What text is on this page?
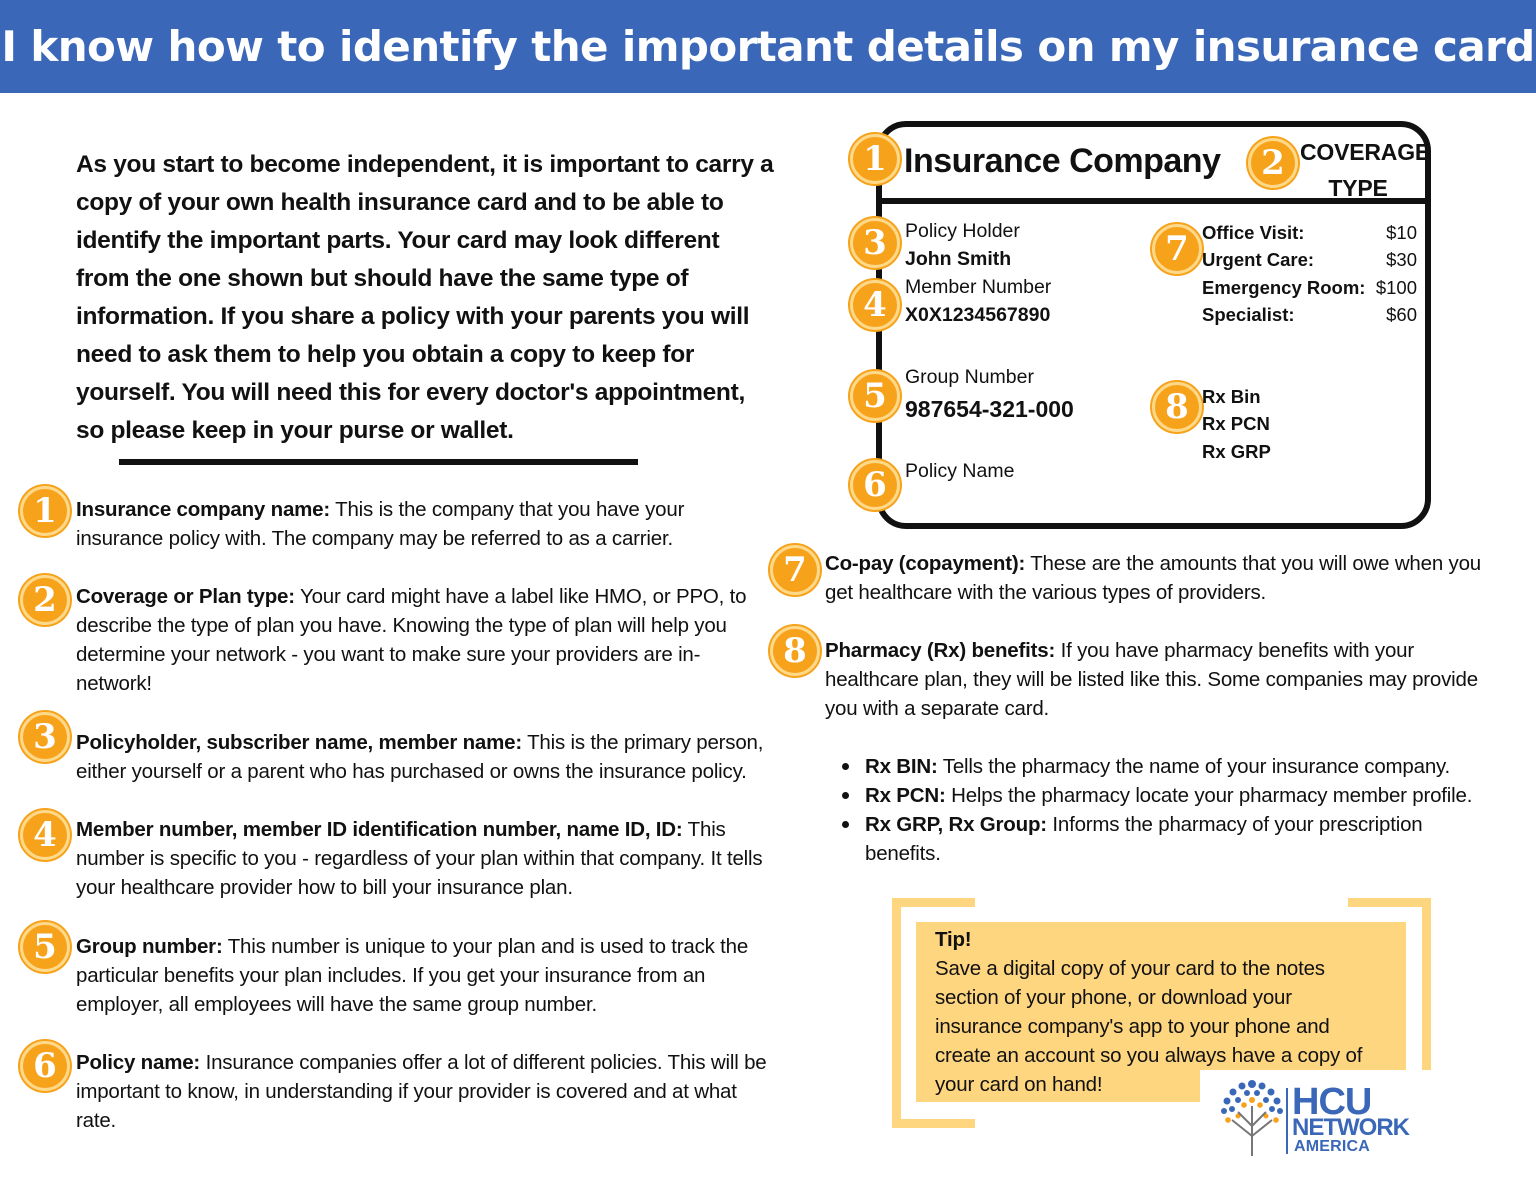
I know how to identify the important details on my insurance card

As you start to become independent, it is important to carry a copy of your own health insurance card and to be able to identify the important parts. Your card may look different from the one shown but should have the same type of information. If you share a policy with your parents you will need to ask them to help you obtain a copy to keep for yourself. You will need this for every doctor's appointment, so please keep in your purse or wallet.

1 Insurance company name: This is the company that you have your insurance policy with. The company may be referred to as a carrier.
2 Coverage or Plan type: Your card might have a label like HMO, or PPO, to describe the type of plan you have. Knowing the type of plan will help you determine your network - you want to make sure your providers are in-network!
3 Policyholder, subscriber name, member name: This is the primary person, either yourself or a parent who has purchased or owns the insurance policy.
4 Member number, member ID identification number, name ID, ID: This number is specific to you - regardless of your plan within that company. It tells your healthcare provider how to bill your insurance plan.
5 Group number: This number is unique to your plan and is used to track the particular benefits your plan includes. If you get your insurance from an employer, all employees will have the same group number.
6 Policy name: Insurance companies offer a lot of different policies. This will be important to know, in understanding if your provider is covered and at what rate.
1 Insurance Company	2 COVERAGE
TYPE
3 Policy Holder
John Smith
4 Member Number
X0X1234567890
5 Group Number
987654-321-000
6 Policy Name
7 Office Visit:	$10
Urgent Care:	$30
Emergency Room: $100
Specialist:	$60
8 Rx Bin
Rx PCN
Rx GRP
7 Co-pay (copayment): These are the amounts that you will owe when you get healthcare with the various types of providers.
8 Pharmacy (Rx) benefits: If you have pharmacy benefits with your healthcare plan, they will be listed like this. Some companies may provide you with a separate card.
Rx BIN: Tells the pharmacy the name of your insurance company.
Rx PCN: Helps the pharmacy locate your pharmacy member profile.
Rx GRP, Rx Group: Informs the pharmacy of your prescription benefits.
Tip!
Save a digital copy of your card to the notes section of your phone, or download your insurance company's app to your phone and create an account so you always have a copy of your card on hand!	HCU
NETWORK
AMERICA
